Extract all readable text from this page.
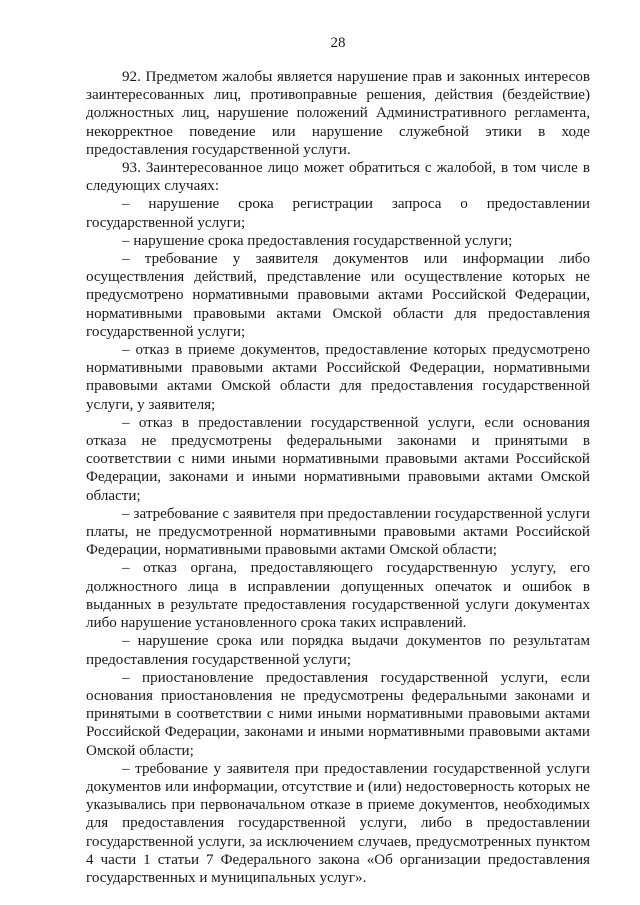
28

92. Предметом жалобы является нарушение прав и законных интересов заинтересованных лиц, противоправные решения, действия (бездействие) должностных лиц, нарушение положений Административного регламента, некорректное поведение или нарушение служебной этики в ходе предоставления государственной услуги.

93. Заинтересованное лицо может обратиться с жалобой, в том числе в следующих случаях:

– нарушение срока регистрации запроса о предоставлении государственной услуги;

– нарушение срока предоставления государственной услуги;

– требование у заявителя документов или информации либо осуществления действий, представление или осуществление которых не предусмотрено нормативными правовыми актами Российской Федерации, нормативными правовыми актами Омской области для предоставления государственной услуги;

– отказ в приеме документов, предоставление которых предусмотрено нормативными правовыми актами Российской Федерации, нормативными правовыми актами Омской области для предоставления государственной услуги, у заявителя;

– отказ в предоставлении государственной услуги, если основания отказа не предусмотрены федеральными законами и принятыми в соответствии с ними иными нормативными правовыми актами Российской Федерации, законами и иными нормативными правовыми актами Омской области;

– затребование с заявителя при предоставлении государственной услуги платы, не предусмотренной нормативными правовыми актами Российской Федерации, нормативными правовыми актами Омской области;

– отказ органа, предоставляющего государственную услугу, его должностного лица в исправлении допущенных опечаток и ошибок в выданных в результате предоставления государственной услуги документах либо нарушение установленного срока таких исправлений.

– нарушение срока или порядка выдачи документов по результатам предоставления государственной услуги;

– приостановление предоставления государственной услуги, если основания приостановления не предусмотрены федеральными законами и принятыми в соответствии с ними иными нормативными правовыми актами Российской Федерации, законами и иными нормативными правовыми актами Омской области;

– требование у заявителя при предоставлении государственной услуги документов или информации, отсутствие и (или) недостоверность которых не указывались при первоначальном отказе в приеме документов, необходимых для предоставления государственной услуги, либо в предоставлении государственной услуги, за исключением случаев, предусмотренных пунктом 4 части 1 статьи 7 Федерального закона «Об организации предоставления государственных и муниципальных услуг».
